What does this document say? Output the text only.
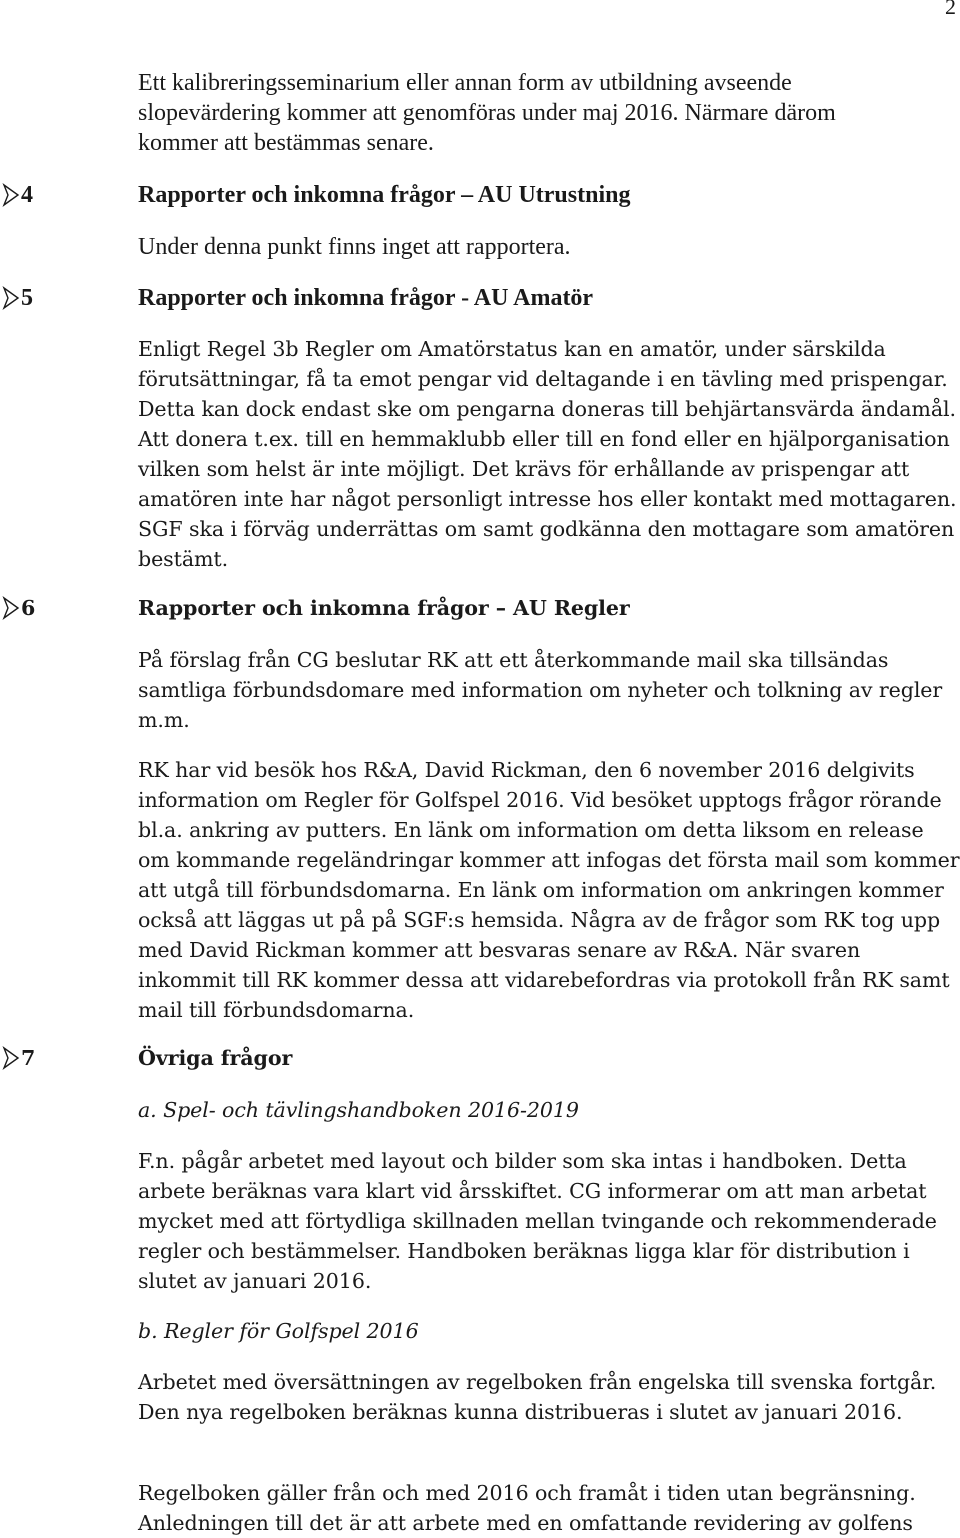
2

Ett kalibreringsseminarium eller annan form av utbildning avseende slopevärdering kommer att genomföras under maj 2016. Närmare därom kommer att bestämmas senare.

4	Rapporter och inkomna frågor – AU Utrustning

Under denna punkt finns inget att rapportera.

5	Rapporter och inkomna frågor - AU Amatör

Enligt Regel 3b Regler om Amatörstatus kan en amatör, under särskilda förutsättningar, få ta emot pengar vid deltagande i en tävling med prispengar. Detta kan dock endast ske om pengarna doneras till behjärtansvärda ändamål. Att donera t.ex. till en hemmaklubb eller till en fond eller en hjälporganisation vilken som helst är inte möjligt. Det krävs för erhållande av prispengar att amatören inte har något personligt intresse hos eller kontakt med mottagaren. SGF ska i förväg underrättas om samt godkänna den mottagare som amatören bestämt.

6	Rapporter och inkomna frågor – AU Regler

På förslag från CG beslutar RK att ett återkommande mail ska tillsändas samtliga förbundsdomare med information om nyheter och tolkning av regler m.m.

RK har vid besök hos R&A, David Rickman, den 6 november 2016 delgivits information om Regler för Golfspel 2016. Vid besöket upptogs frågor rörande bl.a. ankring av putters. En länk om information om detta liksom en release om kommande regeländringar kommer att infogas det första mail som kommer att utgå till förbundsdomarna. En länk om information om ankringen kommer också att läggas ut på på SGF:s hemsida. Några av de frågor som RK tog upp med David Rickman kommer att besvaras senare av R&A. När svaren inkommit till RK kommer dessa att vidarebefordras via protokoll från RK samt mail till förbundsdomarna.

7	Övriga frågor

a. Spel- och tävlingshandboken 2016-2019

F.n. pågår arbetet med layout och bilder som ska intas i handboken. Detta arbete beräknas vara klart vid årsskiftet. CG informerar om att man arbetat mycket med att förtydliga skillnaden mellan tvingande och rekommenderade regler och bestämmelser. Handboken beräknas ligga klar för distribution i slutet av januari 2016.

b. Regler för Golfspel 2016

Arbetet med översättningen av regelboken från engelska till svenska fortgår. Den nya regelboken beräknas kunna distribueras i slutet av januari 2016.

Regelboken gäller från och med 2016 och framåt i tiden utan begränsning. Anledningen till det är att arbete med en omfattande revidering av golfens
